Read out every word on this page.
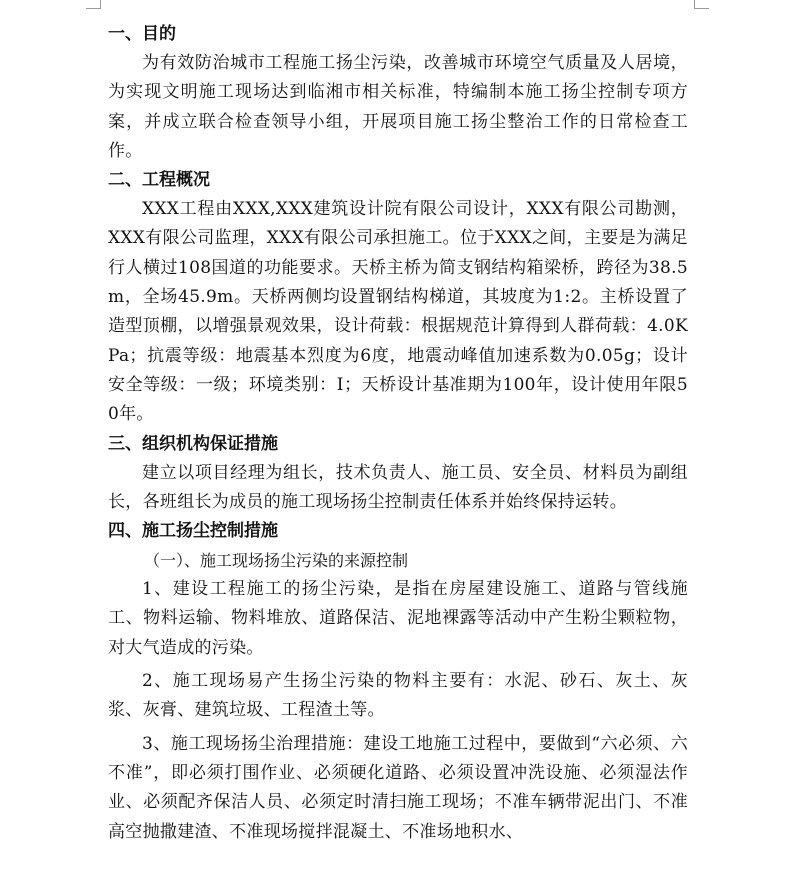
一、目的

为有效防治城市工程施工扬尘污染，改善城市环境空气质量及人居境，为实现文明施工现场达到临湘市相关标准，特编制本施工扬尘控制专项方案，并成立联合检查领导小组，开展项目施工扬尘整治工作的日常检查工作。

二、工程概况

XXX工程由XXX,XXX建筑设计院有限公司设计，XXX有限公司勘测，XXX有限公司监理，XXX有限公司承担施工。位于XXX之间，主要是为满足行人横过108国道的功能要求。天桥主桥为简支钢结构箱梁桥，跨径为38.5m，全场45.9m。天桥两侧均设置钢结构梯道，其坡度为1:2。主桥设置了造型顶棚，以增强景观效果，设计荷载：根据规范计算得到人群荷载：4.0KPa；抗震等级：地震基本烈度为6度，地震动峰值加速系数为0.05g；设计安全等级：一级；环境类别：Ⅰ；天桥设计基准期为100年，设计使用年限50年。

三、组织机构保证措施

建立以项目经理为组长，技术负责人、施工员、安全员、材料员为副组长，各班组长为成员的施工现场扬尘控制责任体系并始终保持运转。

四、施工扬尘控制措施

（一）、施工现场扬尘污染的来源控制

1、建设工程施工的扬尘污染，是指在房屋建设施工、道路与管线施工、物料运输、物料堆放、道路保洁、泥地裸露等活动中产生粉尘颗粒物，对大气造成的污染。

2、施工现场易产生扬尘污染的物料主要有：水泥、砂石、灰土、灰浆、灰膏、建筑垃圾、工程渣土等。

3、施工现场扬尘治理措施：建设工地施工过程中，要做到“六必须、六不准”，即必须打围作业、必须硬化道路、必须设置冲洗设施、必须湿法作业、必须配齐保洁人员、必须定时清扫施工现场；不准车辆带泥出门、不准高空抛撒建渣、不准现场搅拌混凝土、不准场地积水、
